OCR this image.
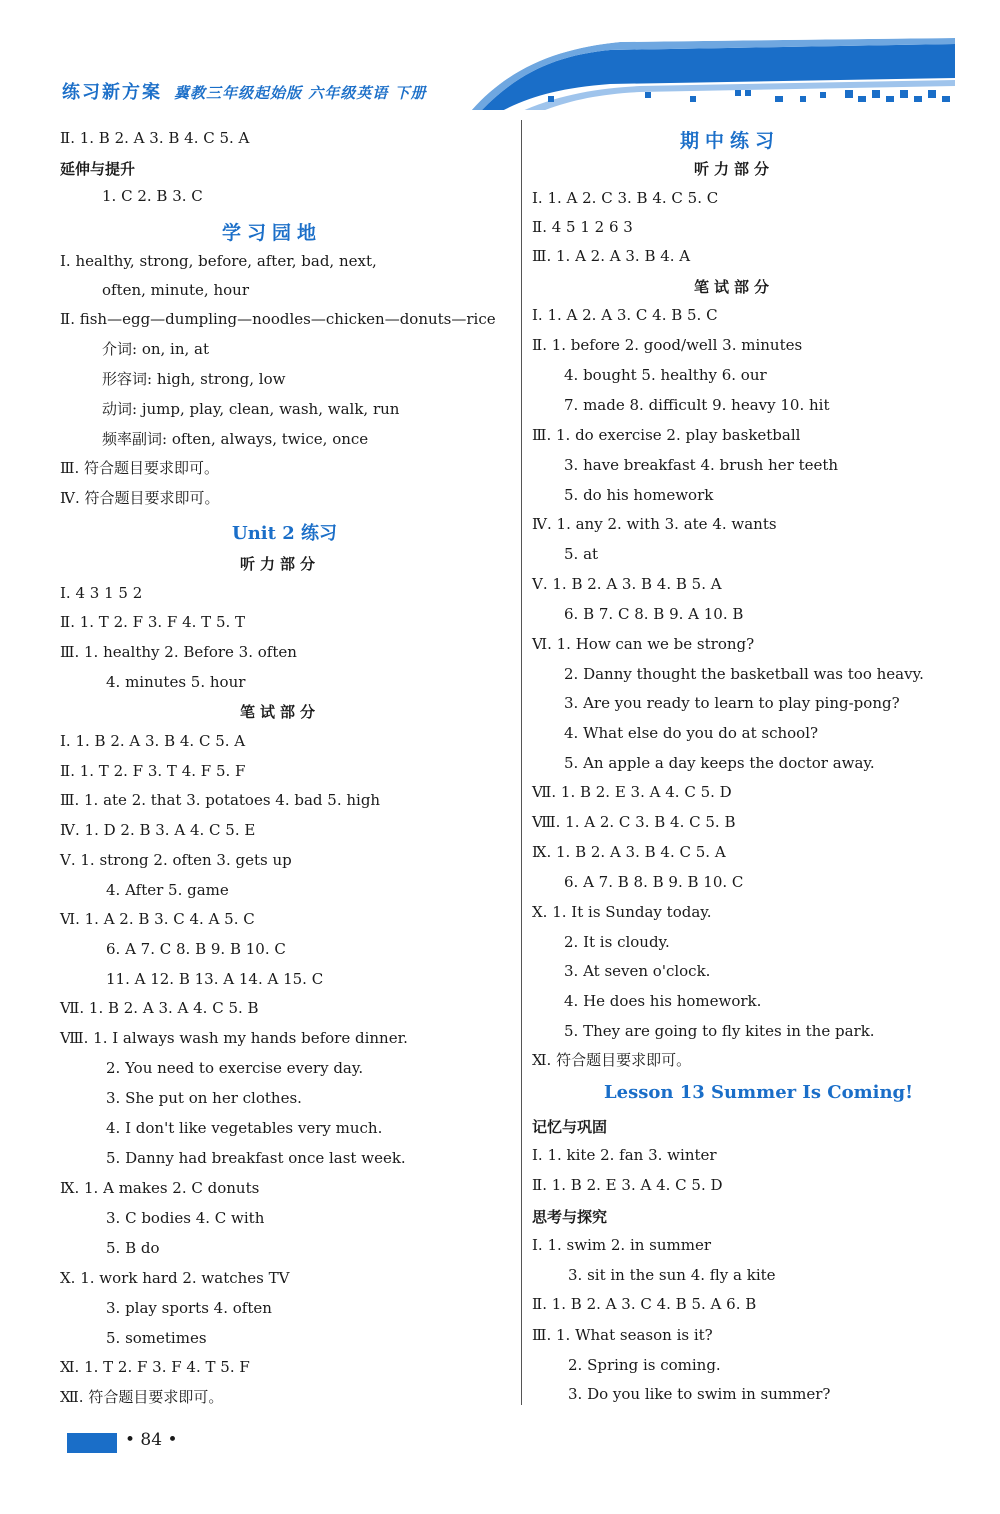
练习新方案 冀教三年级起始版 六年级英语 下册
Ⅱ. 1. B 2. A 3. B 4. C 5. A
延伸与提升
1. C 2. B 3. C
学习园地
Ⅰ. healthy, strong, before, after, bad, next,
often, minute, hour
Ⅱ. fish—egg—dumpling—noodles—chicken—donuts—rice
介词: on, in, at
形容词: high, strong, low
动词: jump, play, clean, wash, walk, run
频率副词: often, always, twice, once
Ⅲ. 符合题目要求即可。
Ⅳ. 符合题目要求即可。
Unit 2 练习
听力部分
Ⅰ. 4 3 1 5 2
Ⅱ. 1. T 2. F 3. F 4. T 5. T
Ⅲ. 1. healthy 2. Before 3. often
4. minutes 5. hour
笔试部分
Ⅰ. 1. B 2. A 3. B 4. C 5. A
Ⅱ. 1. T 2. F 3. T 4. F 5. F
Ⅲ. 1. ate 2. that 3. potatoes 4. bad 5. high
Ⅳ. 1. D 2. B 3. A 4. C 5. E
Ⅴ. 1. strong 2. often 3. gets up
4. After 5. game
Ⅵ. 1. A 2. B 3. C 4. A 5. C
6. A 7. C 8. B 9. B 10. C
11. A 12. B 13. A 14. A 15. C
Ⅶ. 1. B 2. A 3. A 4. C 5. B
Ⅷ. 1. I always wash my hands before dinner.
2. You need to exercise every day.
3. She put on her clothes.
4. I don't like vegetables very much.
5. Danny had breakfast once last week.
Ⅸ. 1. A makes 2. C donuts
3. C bodies 4. C with
5. B do
Ⅹ. 1. work hard 2. watches TV
3. play sports 4. often
5. sometimes
Ⅺ. 1. T 2. F 3. F 4. T 5. F
Ⅻ. 符合题目要求即可。
期中练习
听力部分
Ⅰ. 1. A 2. C 3. B 4. C 5. C
Ⅱ. 4 5 1 2 6 3
Ⅲ. 1. A 2. A 3. B 4. A
笔试部分
Ⅰ. 1. A 2. A 3. C 4. B 5. C
Ⅱ. 1. before 2. good/well 3. minutes
4. bought 5. healthy 6. our
7. made 8. difficult 9. heavy 10. hit
Ⅲ. 1. do exercise 2. play basketball
3. have breakfast 4. brush her teeth
5. do his homework
Ⅳ. 1. any 2. with 3. ate 4. wants
5. at
Ⅴ. 1. B 2. A 3. B 4. B 5. A
6. B 7. C 8. B 9. A 10. B
Ⅵ. 1. How can we be strong?
2. Danny thought the basketball was too heavy.
3. Are you ready to learn to play ping-pong?
4. What else do you do at school?
5. An apple a day keeps the doctor away.
Ⅶ. 1. B 2. E 3. A 4. C 5. D
Ⅷ. 1. A 2. C 3. B 4. C 5. B
Ⅸ. 1. B 2. A 3. B 4. C 5. A
6. A 7. B 8. B 9. B 10. C
Ⅹ. 1. It is Sunday today.
2. It is cloudy.
3. At seven o'clock.
4. He does his homework.
5. They are going to fly kites in the park.
Ⅺ. 符合题目要求即可。
Lesson 13 Summer Is Coming!
记忆与巩固
Ⅰ. 1. kite 2. fan 3. winter
Ⅱ. 1. B 2. E 3. A 4. C 5. D
思考与探究
Ⅰ. 1. swim 2. in summer
3. sit in the sun 4. fly a kite
Ⅱ. 1. B 2. A 3. C 4. B 5. A 6. B
Ⅲ. 1. What season is it?
2. Spring is coming.
3. Do you like to swim in summer?
• 84 •
